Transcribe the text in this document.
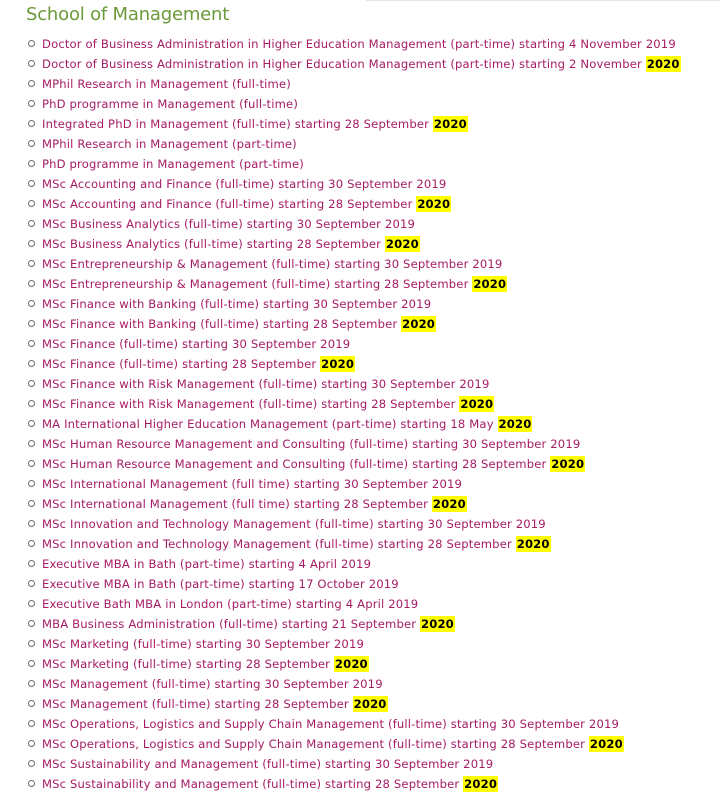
School of Management
Doctor of Business Administration in Higher Education Management (part-time) starting 4 November 2019
Doctor of Business Administration in Higher Education Management (part-time) starting 2 November 2020
MPhil Research in Management (full-time)
PhD programme in Management (full-time)
Integrated PhD in Management (full-time) starting 28 September 2020
MPhil Research in Management (part-time)
PhD programme in Management (part-time)
MSc Accounting and Finance (full-time) starting 30 September 2019
MSc Accounting and Finance (full-time) starting 28 September 2020
MSc Business Analytics (full-time) starting 30 September 2019
MSc Business Analytics (full-time) starting 28 September 2020
MSc Entrepreneurship & Management (full-time) starting 30 September 2019
MSc Entrepreneurship & Management (full-time) starting 28 September 2020
MSc Finance with Banking (full-time) starting 30 September 2019
MSc Finance with Banking (full-time) starting 28 September 2020
MSc Finance (full-time) starting 30 September 2019
MSc Finance (full-time) starting 28 September 2020
MSc Finance with Risk Management (full-time) starting 30 September 2019
MSc Finance with Risk Management (full-time) starting 28 September 2020
MA International Higher Education Management (part-time) starting 18 May 2020
MSc Human Resource Management and Consulting (full-time) starting 30 September 2019
MSc Human Resource Management and Consulting (full-time) starting 28 September 2020
MSc International Management (full time) starting 30 September 2019
MSc International Management (full time) starting 28 September 2020
MSc Innovation and Technology Management (full-time) starting 30 September 2019
MSc Innovation and Technology Management (full-time) starting 28 September 2020
Executive MBA in Bath (part-time) starting 4 April 2019
Executive MBA in Bath (part-time) starting 17 October 2019
Executive Bath MBA in London (part-time) starting 4 April 2019
MBA Business Administration (full-time) starting 21 September 2020
MSc Marketing (full-time) starting 30 September 2019
MSc Marketing (full-time) starting 28 September 2020
MSc Management (full-time) starting 30 September 2019
MSc Management (full-time) starting 28 September 2020
MSc Operations, Logistics and Supply Chain Management (full-time) starting 30 September 2019
MSc Operations, Logistics and Supply Chain Management (full-time) starting 28 September 2020
MSc Sustainability and Management (full-time) starting 30 September 2019
MSc Sustainability and Management (full-time) starting 28 September 2020
